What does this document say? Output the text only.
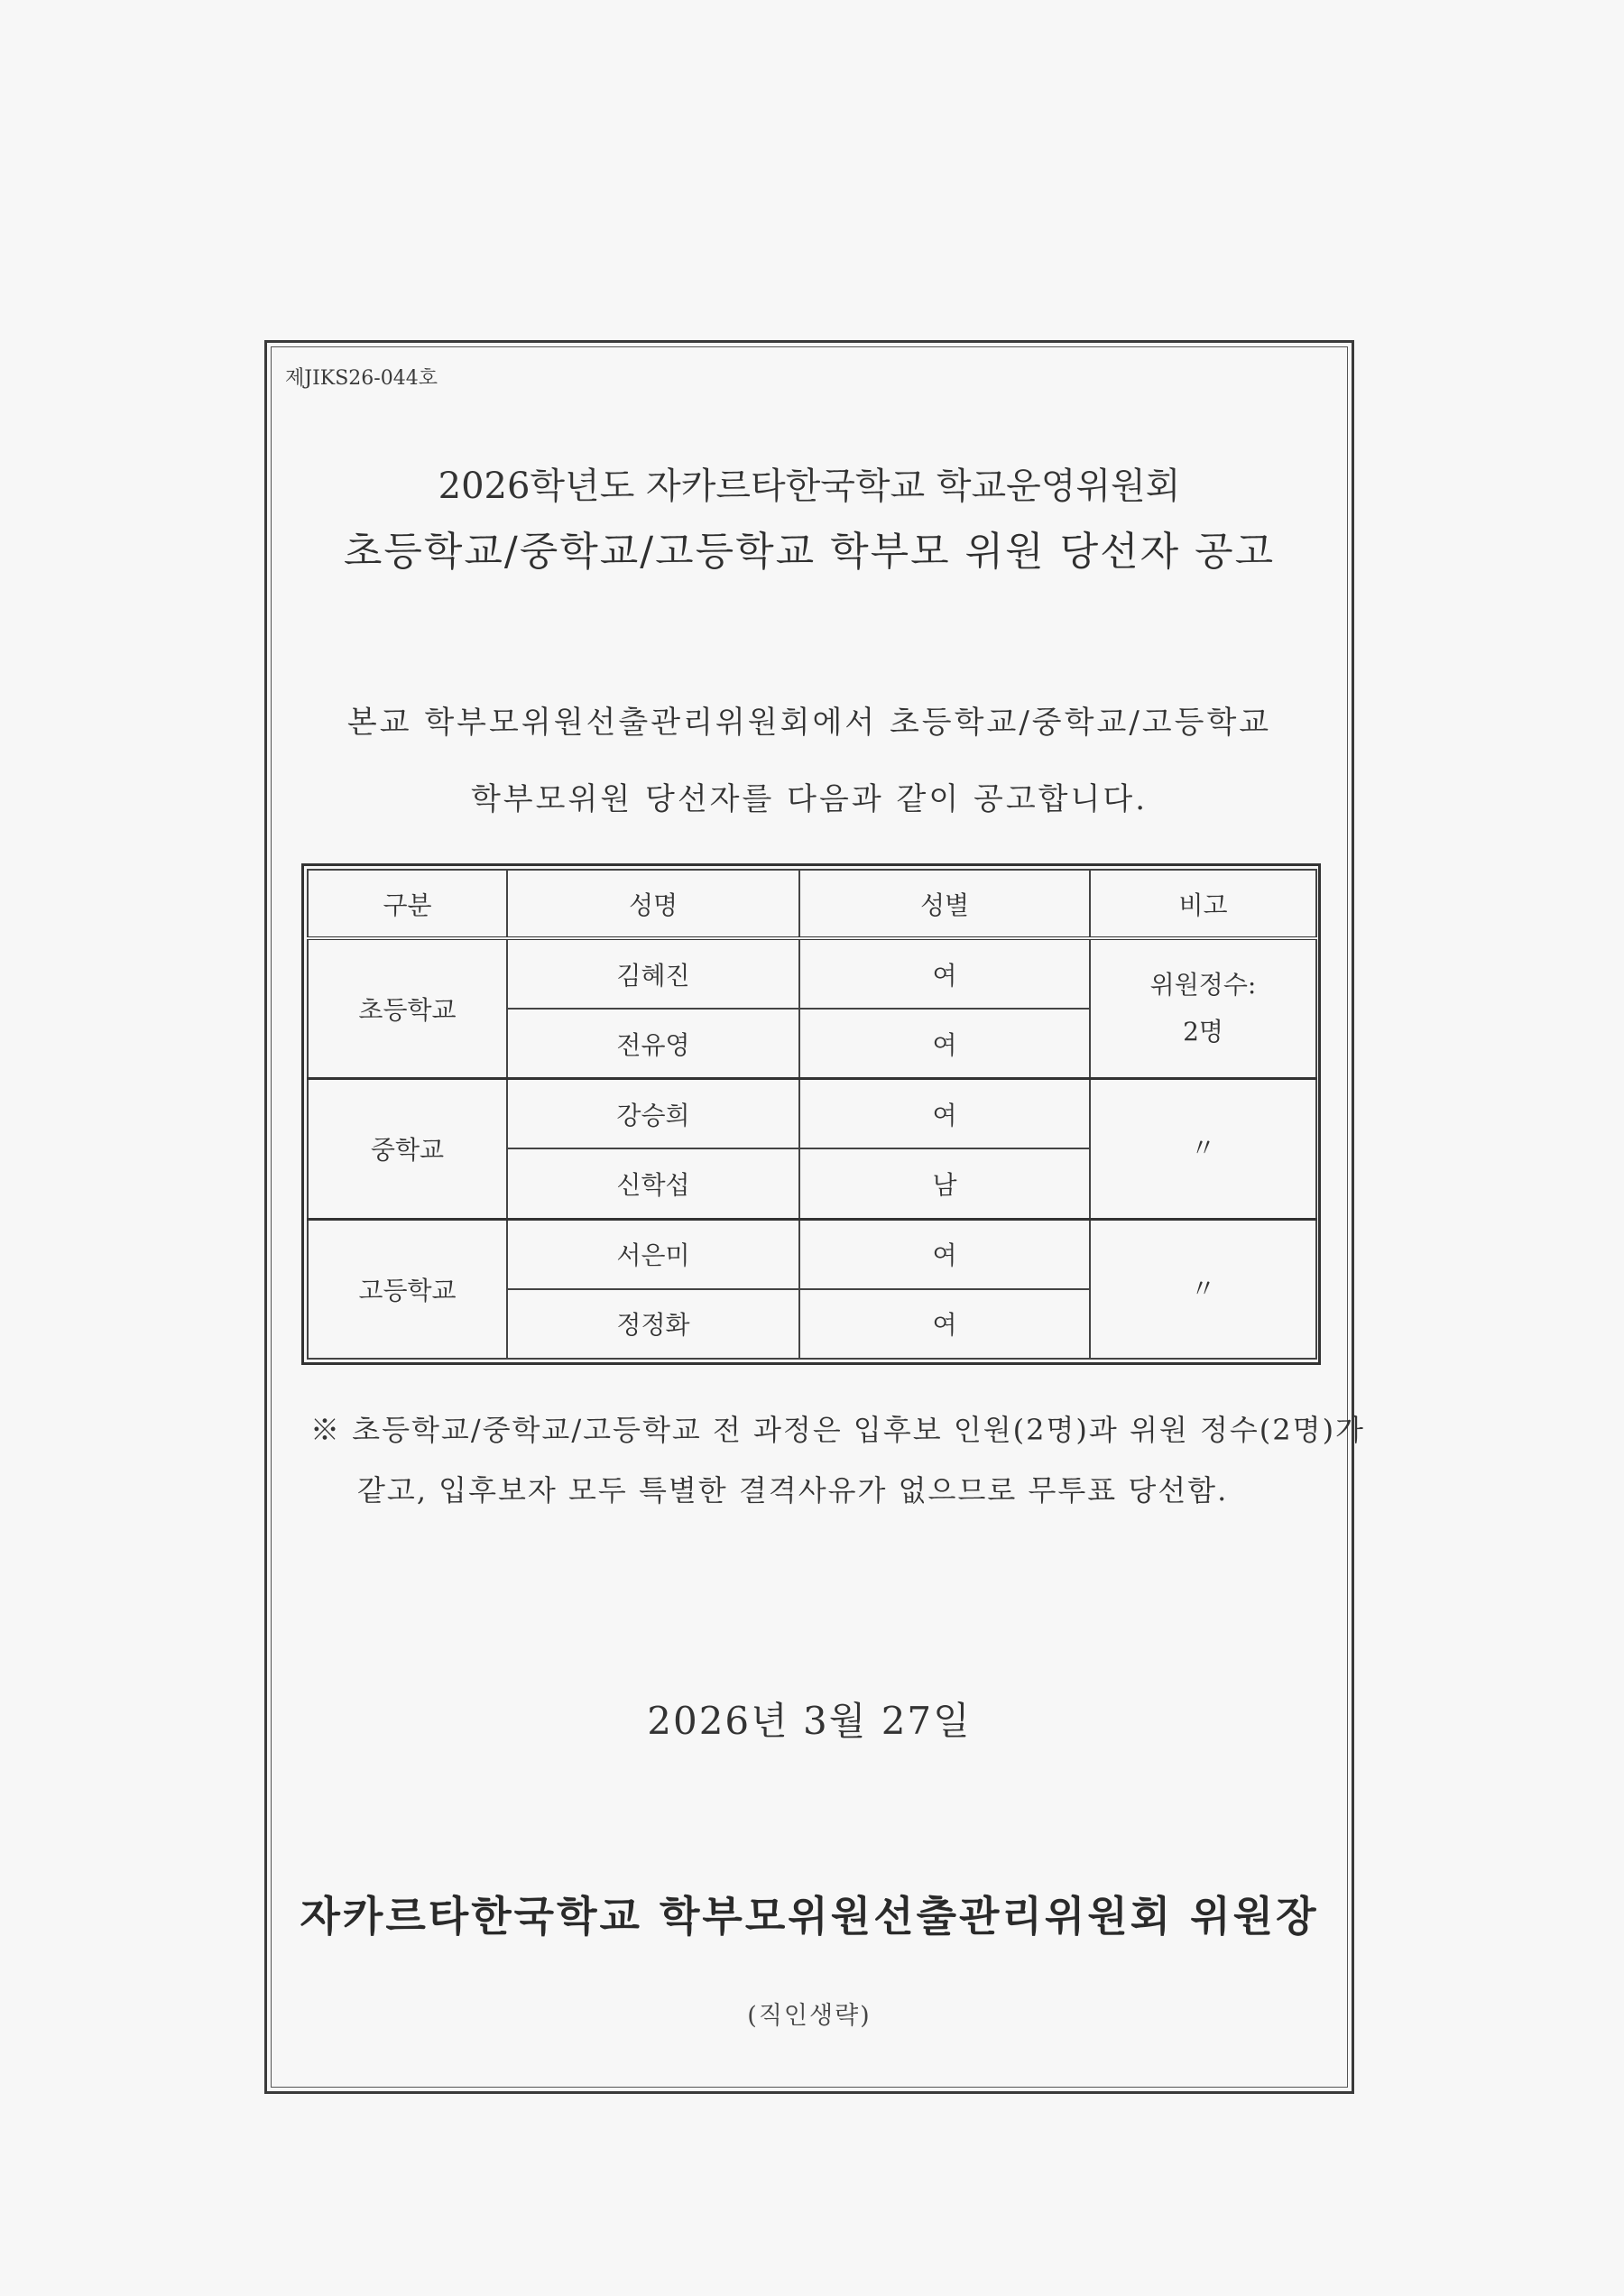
제JIKS26-044호
2026학년도 자카르타한국학교 학교운영위원회
초등학교/중학교/고등학교 학부모 위원 당선자 공고
본교 학부모위원선출관리위원회에서 초등학교/중학교/고등학교
학부모위원 당선자를 다음과 같이 공고합니다.
구분	성명	성별	비고
초등학교	김혜진	여	위원정수:
2명

	전유영	여	
중학교	강승희	여	〃

	신학섭	남	
고등학교	서은미	여	〃

	정정화	여	
※ 초등학교/중학교/고등학교 전 과정은 입후보 인원(2명)과 위원 정수(2명)가
같고, 입후보자 모두 특별한 결격사유가 없으므로 무투표 당선함.
2026년 3월 27일
자카르타한국학교 학부모위원선출관리위원회 위원장
(직인생략)
